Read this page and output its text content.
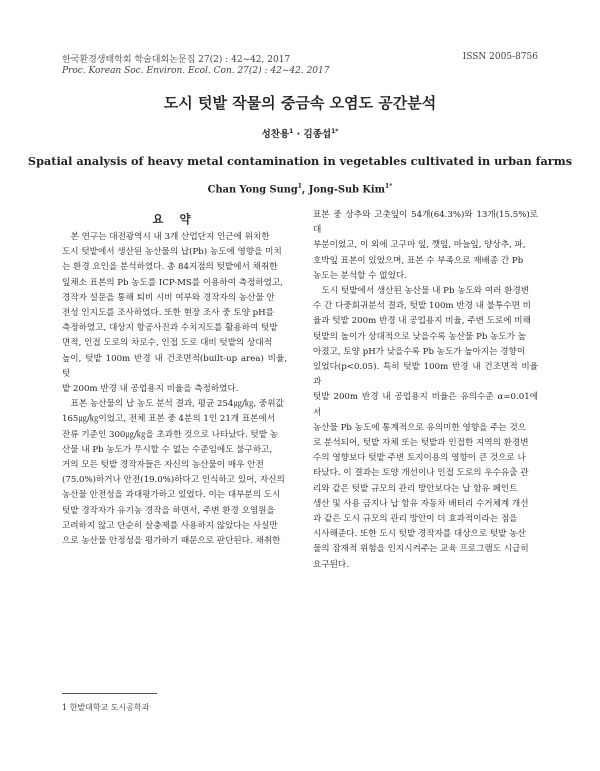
한국환경생태학회 학술대회논문집 27(2) : 42~42, 2017
Proc. Korean Soc. Environ. Ecol. Con. 27(2) : 42~42. 2017
ISSN 2005-8756
도시 텃밭 작물의 중금속 오염도 공간분석
성찬용$^1$ · 김종섭$^{1*}$
Spatial analysis of heavy metal contamination in vegetables cultivated in urban farms
Chan Yong Sung$^1$, Jong-Sub Kim$^{1*}$
요 약

본 연구는 대전광역시 내 3개 산업단지 인근에 위치한
도시 텃밭에서 생산된 농산물의 납(Pb) 농도에 영향을 미치
는 환경 요인을 분석하였다. 총 84지점의 텃밭에서 채취한
잎채소 표본의 Pb 농도를 ICP-MS를 이용하여 측정하였고,
경작자 설문을 통해 퇴비 시비 여부와 경작자의 농산물 안
전성 인지도를 조사하였다. 또한 현장 조사 중 토양 pH를
측정하였고, 대상지 항공사진과 수치지도를 활용하여 텃밭
면적, 인접 도로의 차로수, 인접 도로 대비 텃밭의 상대적
높이, 텃밭 100m 반경 내 건조면적(built-up area) 비율, 텃
밭 200m 반경 내 공업용지 비율을 측정하였다.

표본 농산물의 납 농도 분석 결과, 평균 254㎍/㎏, 중위값
165㎍/㎏이었고, 전체 표본 중 4분의 1인 21개 표본에서
잔류 기준인 300㎍/㎏을 초과한 것으로 나타났다. 텃밭 농
산물 내 Pb 농도가 무시할 수 없는 수준임에도 불구하고,
거의 모든 텃밭 경작자들은 자신의 농산물이 매우 안전
(75.0%)하거나 안전(19.0%)하다고 인식하고 있어, 자신의
농산물 안전성을 과대평가하고 있었다. 이는 대부분의 도시
텃밭 경작자가 유기농 경작을 하면서, 주변 환경 오염원을
고려하지 않고 단순히 살충제를 사용하지 않았다는 사실만
으로 농산물 안정성을 평가하기 때문으로 판단된다. 채취한

표본 중 상추와 고춧잎이 54개(64.3%)와 13개(15.5%)로 대
부분이었고, 이 외에 고구마 잎, 깻잎, 마늘잎, 양상추, 파,
호박잎 표본이 있었으며, 표본 수 부족으로 재배종 간 Pb
농도는 분석할 수 없었다.

도시 텃밭에서 생산된 농산물 내 Pb 농도와 여러 환경변
수 간 다중회귀분석 결과, 텃밭 100m 반경 내 불투수면 비
율과 텃밭 200m 반경 내 공업용지 비율, 주변 도로에 비해
텃밭의 높이가 상대적으로 낮을수록 농산물 Pb 농도가 높
아졌고, 토양 pH가 낮을수록 Pb 농도가 높아지는 경향이
있었다(p<0.05). 특히 텃밭 100m 반경 내 건조면적 비율과
텃밭 200m 반경 내 공업용지 비율은 유의수준 α=0.01에서
농산물 Pb 농도에 통계적으로 유의미한 영향을 주는 것으
로 분석되어, 텃밭 자체 또는 텃밭과 인접한 지역의 환경변
수의 영향보다 텃밭 주변 토지이용의 영향이 큰 것으로 나
타났다. 이 결과는 토양 개선이나 인접 도로의 우수유출 관
리와 같은 텃밭 규모의 관리 방안보다는 납 함유 페인트
생산 및 사용 금지나 납 함유 자동차 배터리 수거체계 개선
과 같은 도시 규모의 관리 방안이 더 효과적이라는 점을
시사해준다. 또한 도시 텃밭 경작자를 대상으로 텃밭 농산
물의 잠재적 위험을 인지시켜주는 교육 프로그램도 시급히
요구된다.

1 한밭대학교 도시공학과
